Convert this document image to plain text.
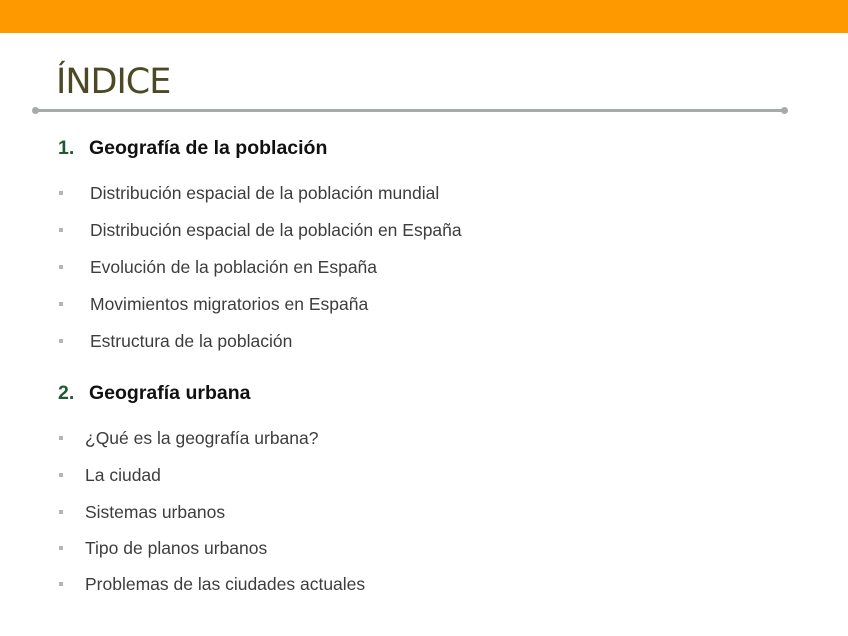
ÍNDICE
1. Geografía de la población
Distribución espacial de la población mundial
Distribución espacial de la población en España
Evolución de la población en España
Movimientos migratorios en España
Estructura de la población
2. Geografía urbana
¿Qué es la geografía urbana?
La ciudad
Sistemas urbanos
Tipo de planos urbanos
Problemas de las ciudades actuales
